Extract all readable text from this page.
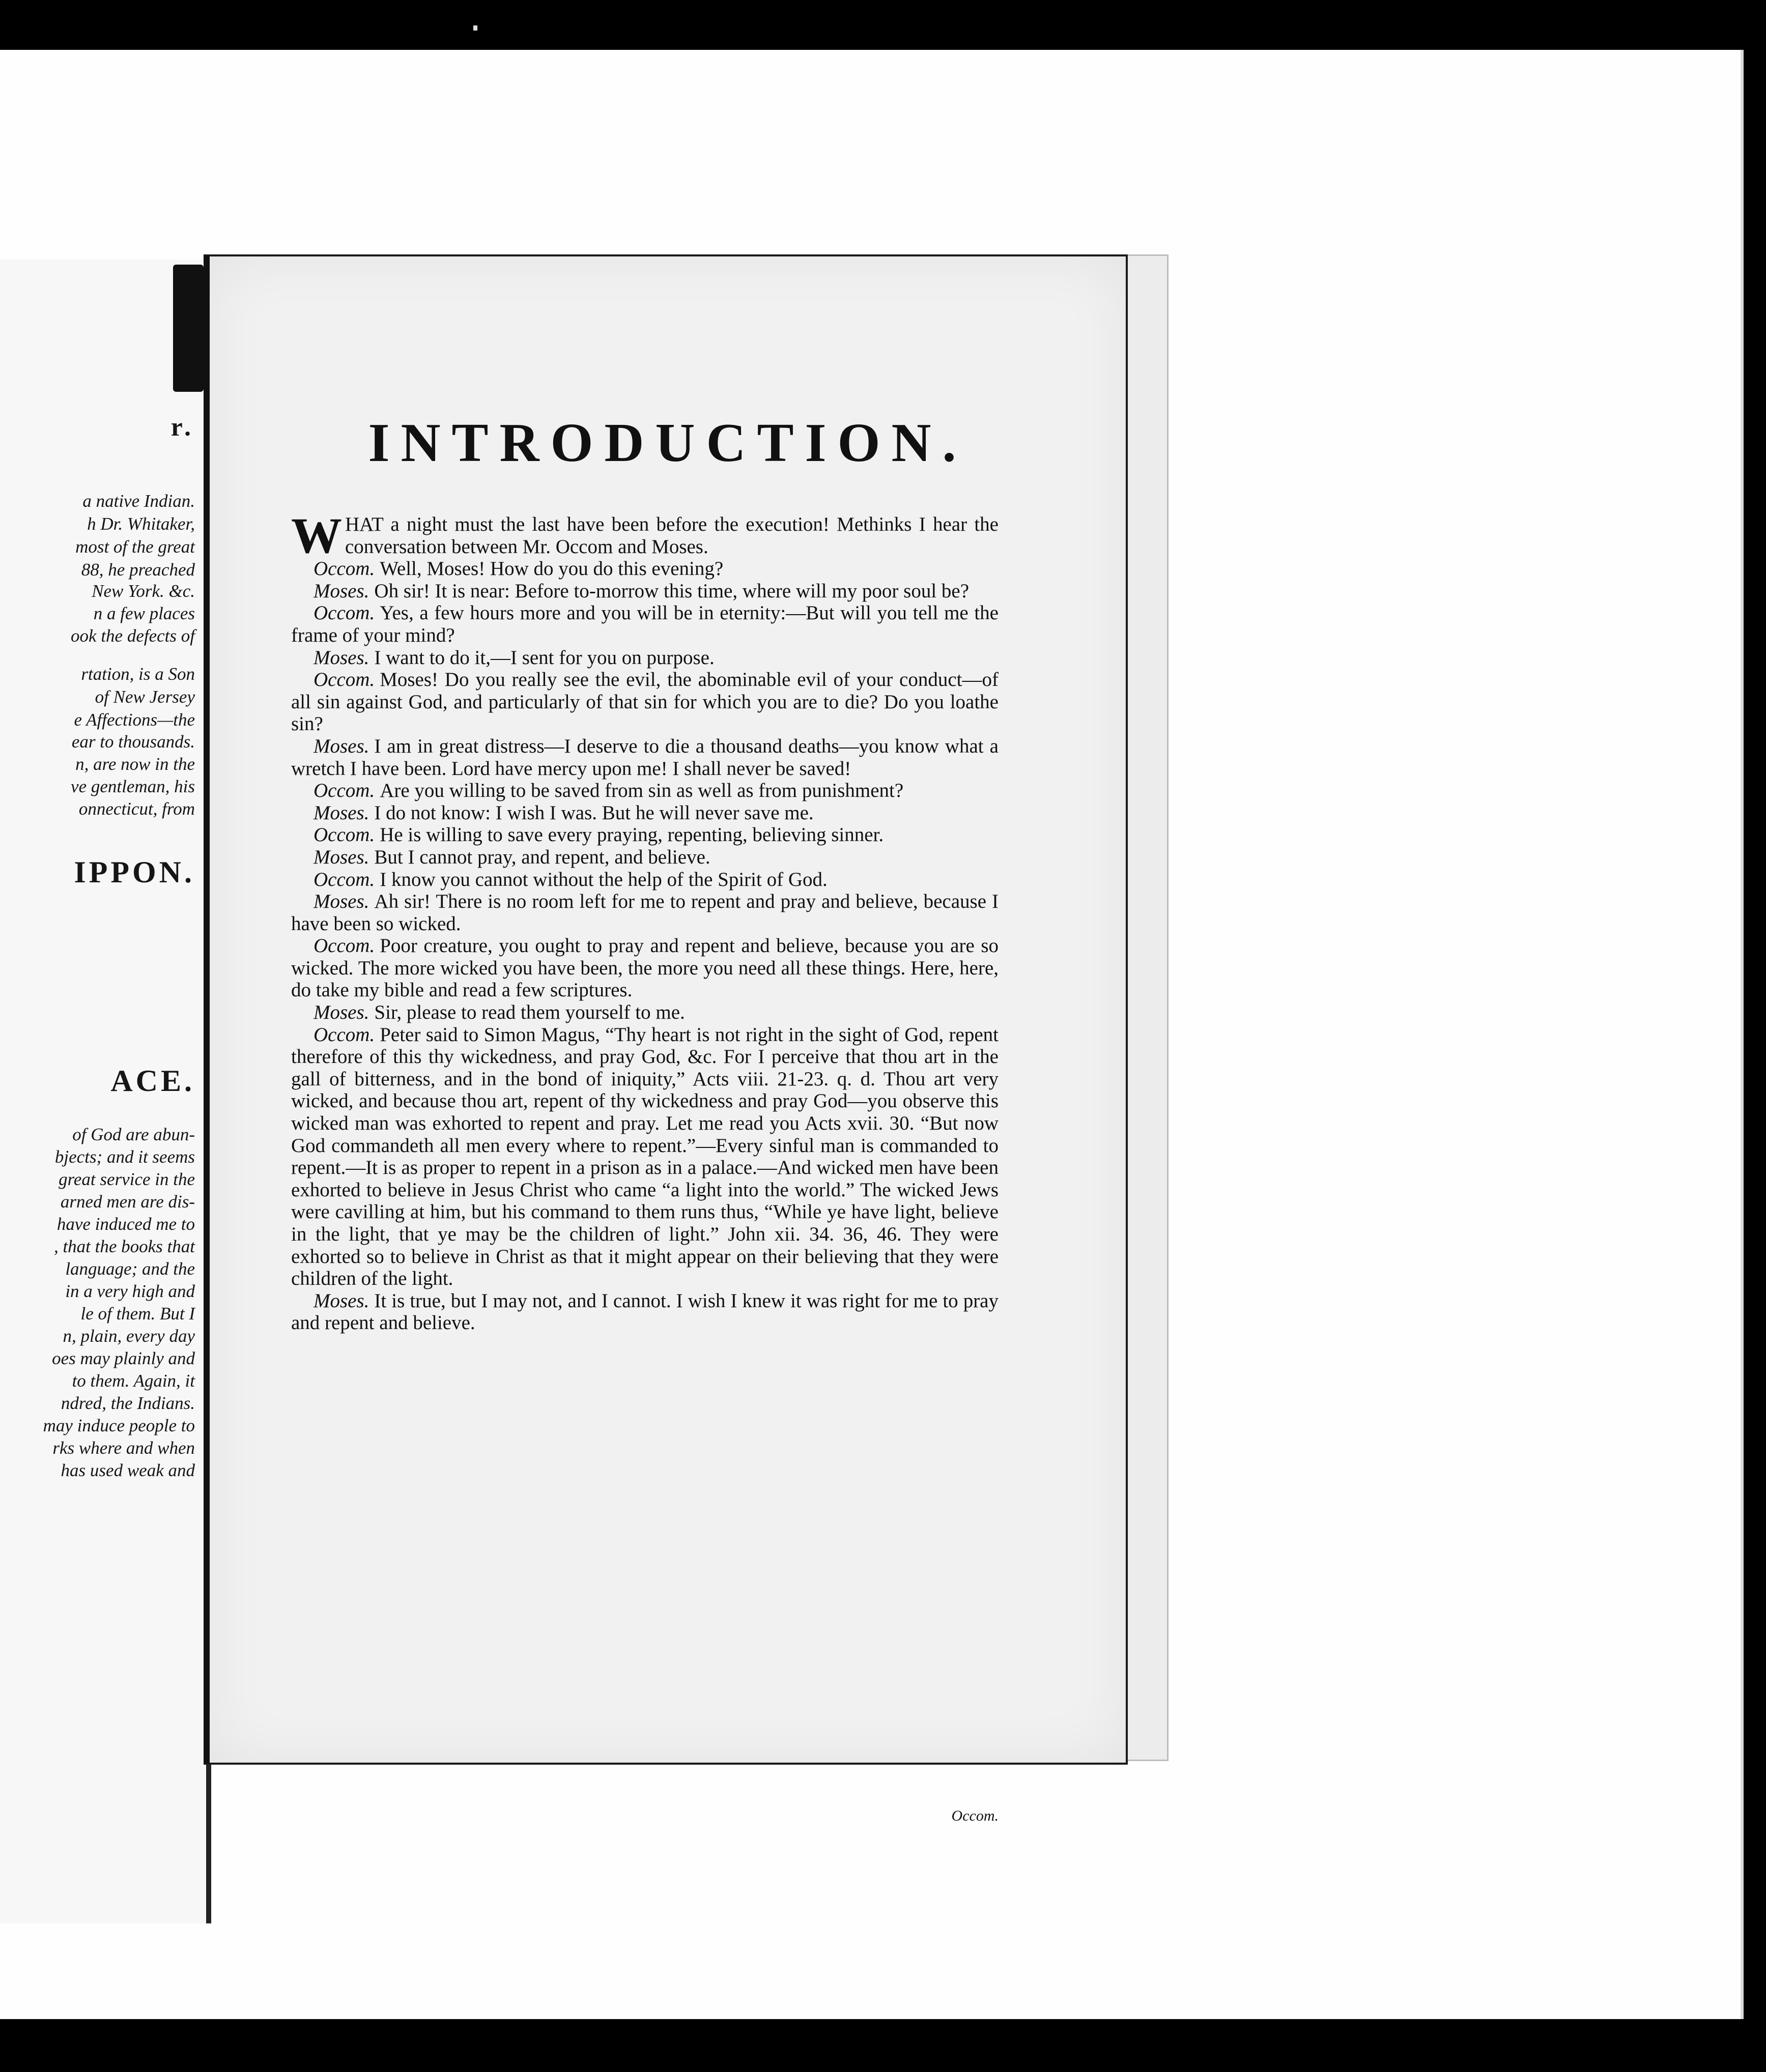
r.
a native Indian.
h Dr. Whitaker,
most of the great
88, he preached
New York. &c.
n a few places
ook the defects of
rtation, is a Son
of New Jersey
e Affections—the
ear to thousands.
n, are now in the
ve gentleman, his
onnecticut, from
IPPON.
ACE.
of God are abun-
bjects; and it seems
great service in the
arned men are dis-
have induced me to
, that the books that
language; and the
in a very high and
le of them. But I
n, plain, every day
oes may plainly and
to them. Again, it
ndred, the Indians.
may induce people to
rks where and when
has used weak and
INTRODUCTION.

WHAT a night must the last have been before the execution! Methinks I hear the conversation between Mr. Occom and Moses.

Occom. Well, Moses! How do you do this evening?

Moses. Oh sir! It is near: Before to-morrow this time, where will my poor soul be?

Occom. Yes, a few hours more and you will be in eternity:—But will you tell me the frame of your mind?

Moses. I want to do it,—I sent for you on purpose.

Occom. Moses! Do you really see the evil, the abominable evil of your conduct—of all sin against God, and particularly of that sin for which you are to die? Do you loathe sin?

Moses. I am in great distress—I deserve to die a thousand deaths—you know what a wretch I have been. Lord have mercy upon me! I shall never be saved!

Occom. Are you willing to be saved from sin as well as from punishment?

Moses. I do not know: I wish I was. But he will never save me.

Occom. He is willing to save every praying, repenting, believing sinner.

Moses. But I cannot pray, and repent, and believe.

Occom. I know you cannot without the help of the Spirit of God.

Moses. Ah sir! There is no room left for me to repent and pray and believe, because I have been so wicked.

Occom. Poor creature, you ought to pray and repent and believe, because you are so wicked. The more wicked you have been, the more you need all these things. Here, here, do take my bible and read a few scriptures.

Moses. Sir, please to read them yourself to me.

Occom. Peter said to Simon Magus, “Thy heart is not right in the sight of God, repent therefore of this thy wickedness, and pray God, &c. For I perceive that thou art in the gall of bitterness, and in the bond of iniquity,” Acts viii. 21-23. q. d. Thou art very wicked, and because thou art, repent of thy wickedness and pray God—you observe this wicked man was exhorted to repent and pray. Let me read you Acts xvii. 30. “But now God commandeth all men every where to repent.”—Every sinful man is commanded to repent.—It is as proper to repent in a prison as in a palace.—And wicked men have been exhorted to believe in Jesus Christ who came “a light into the world.” The wicked Jews were cavilling at him, but his command to them runs thus, “While ye have light, believe in the light, that ye may be the children of light.” John xii. 34. 36, 46. They were exhorted so to believe in Christ as that it might appear on their believing that they were children of the light.

Moses. It is true, but I may not, and I cannot. I wish I knew it was right for me to pray and repent and believe.

Occom.
